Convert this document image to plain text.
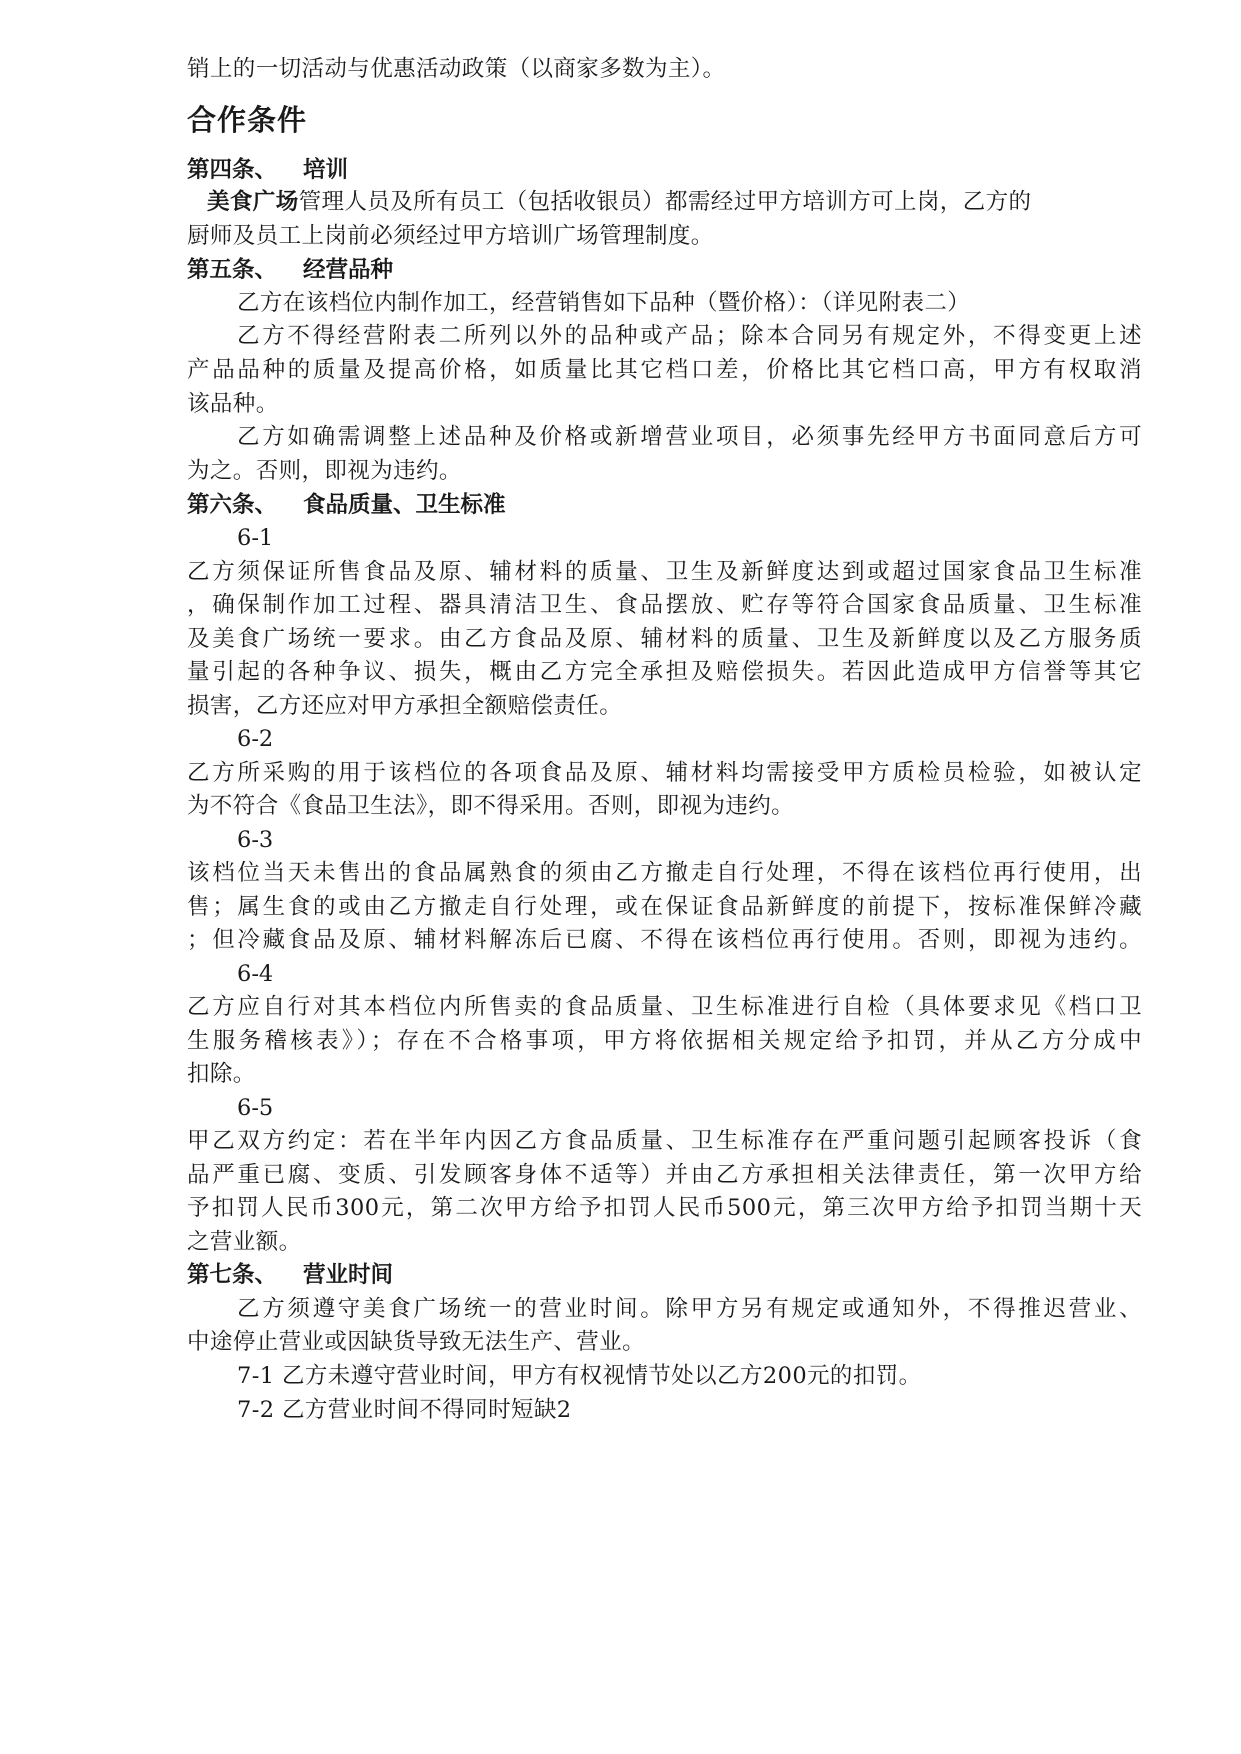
销上的一切活动与优惠活动政策（以商家多数为主）。
合作条件
第四条、 培训
美食广场管理人员及所有员工（包括收银员）都需经过甲方培训方可上岗，乙方的
厨师及员工上岗前必须经过甲方培训广场管理制度。
第五条、 经营品种
乙方在该档位内制作加工，经营销售如下品种（暨价格）：（详见附表二）
乙方不得经营附表二所列以外的品种或产品；除本合同另有规定外，不得变更上述
产品品种的质量及提高价格，如质量比其它档口差，价格比其它档口高，甲方有权取消
该品种。
乙方如确需调整上述品种及价格或新增营业项目，必须事先经甲方书面同意后方可
为之。否则，即视为违约。
第六条、 食品质量、卫生标准
6-1
乙方须保证所售食品及原、辅材料的质量、卫生及新鲜度达到或超过国家食品卫生标准
，确保制作加工过程、器具清洁卫生、食品摆放、贮存等符合国家食品质量、卫生标准
及美食广场统一要求。由乙方食品及原、辅材料的质量、卫生及新鲜度以及乙方服务质
量引起的各种争议、损失，概由乙方完全承担及赔偿损失。若因此造成甲方信誉等其它
损害，乙方还应对甲方承担全额赔偿责任。
6-2
乙方所采购的用于该档位的各项食品及原、辅材料均需接受甲方质检员检验，如被认定
为不符合《食品卫生法》，即不得采用。否则，即视为违约。
6-3
该档位当天未售出的食品属熟食的须由乙方撤走自行处理，不得在该档位再行使用，出
售；属生食的或由乙方撤走自行处理，或在保证食品新鲜度的前提下，按标准保鲜冷藏
；但冷藏食品及原、辅材料解冻后已腐、不得在该档位再行使用。否则，即视为违约。
6-4
乙方应自行对其本档位内所售卖的食品质量、卫生标准进行自检（具体要求见《档口卫
生服务稽核表》）；存在不合格事项，甲方将依据相关规定给予扣罚，并从乙方分成中
扣除。
6-5
甲乙双方约定：若在半年内因乙方食品质量、卫生标准存在严重问题引起顾客投诉（食
品严重已腐、变质、引发顾客身体不适等）并由乙方承担相关法律责任，第一次甲方给
予扣罚人民币300元，第二次甲方给予扣罚人民币500元，第三次甲方给予扣罚当期十天
之营业额。
第七条、 营业时间
乙方须遵守美食广场统一的营业时间。除甲方另有规定或通知外，不得推迟营业、
中途停止营业或因缺货导致无法生产、营业。
7-1 乙方未遵守营业时间，甲方有权视情节处以乙方200元的扣罚。
7-2 乙方营业时间不得同时短缺2
